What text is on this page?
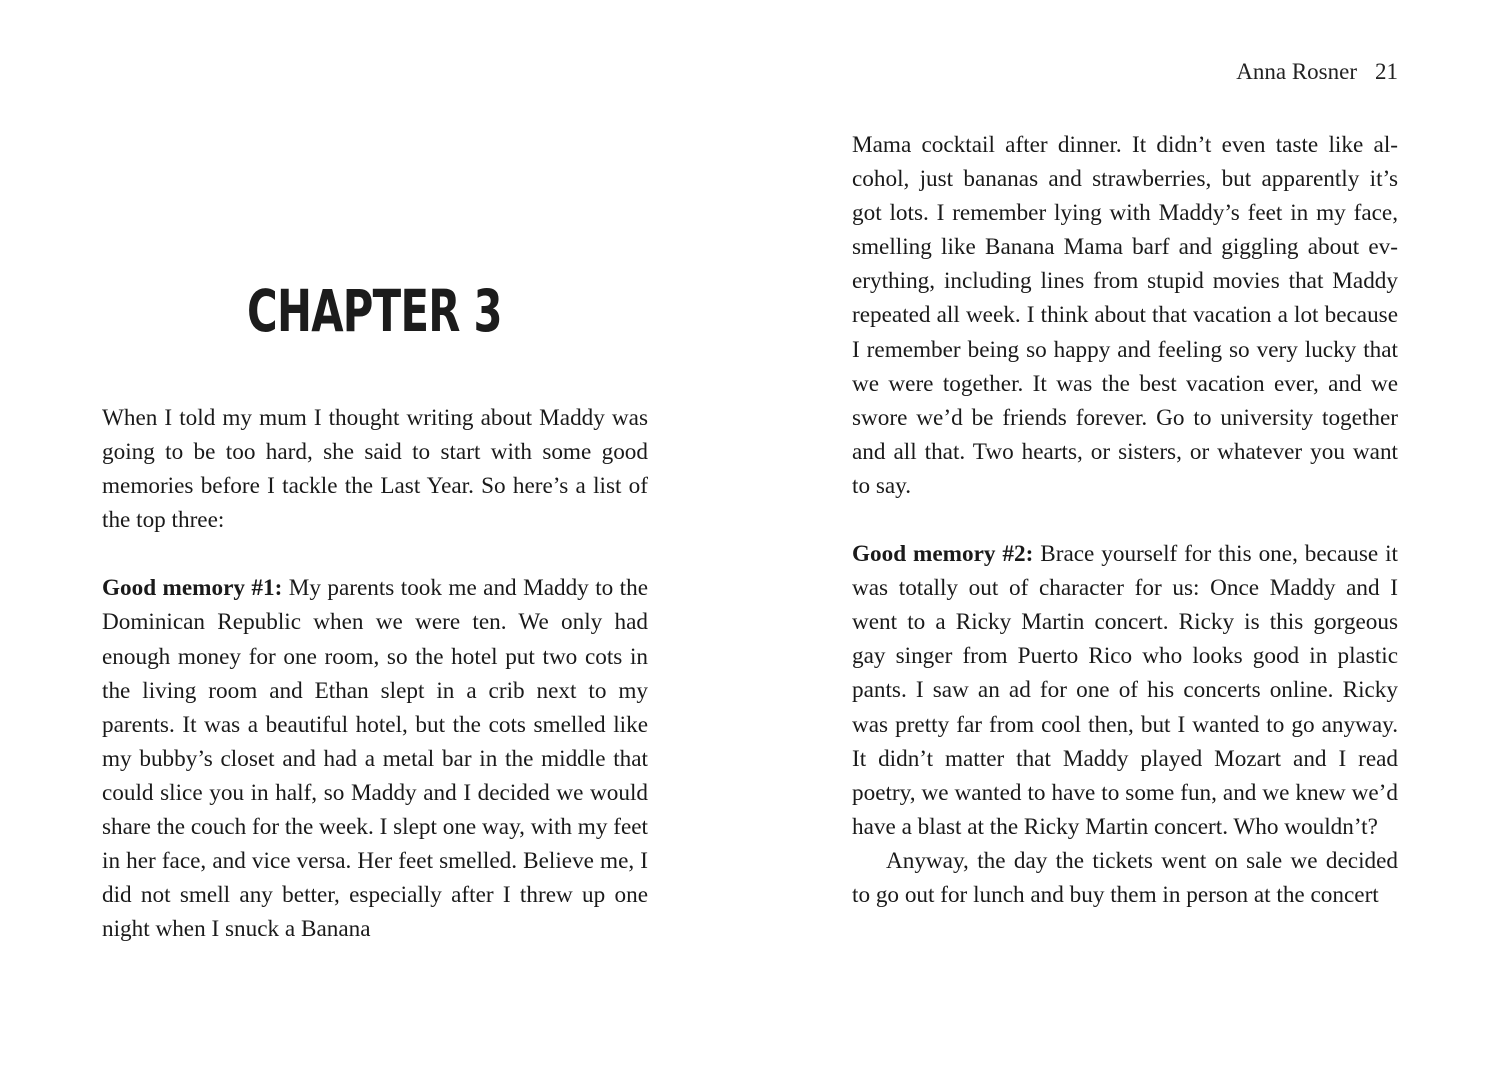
CHAPTER 3

When I told my mum I thought writing about Maddy was going to be too hard, she said to start with some good memories before I tackle the Last Year. So here’s a list of the top three:

Good memory #1: My parents took me and Maddy to the Dominican Republic when we were ten. We only had enough money for one room, so the hotel put two cots in the living room and Ethan slept in a crib next to my parents. It was a beautiful hotel, but the cots smelled like my bubby’s closet and had a metal bar in the middle that could slice you in half, so Maddy and I decided we would share the couch for the week. I slept one way, with my feet in her face, and vice versa. Her feet smelled. Believe me, I did not smell any better, especially after I threw up one night when I snuck a Banana

Anna Rosner 21

Mama cocktail after dinner. It didn’t even taste like alcohol, just bananas and strawberries, but apparently it’s got lots. I remember lying with Maddy’s feet in my face, smelling like Banana Mama barf and giggling about everything, including lines from stupid movies that Maddy repeated all week. I think about that vacation a lot because I remember being so happy and feeling so very lucky that we were together. It was the best vacation ever, and we swore we’d be friends forever. Go to university together and all that. Two hearts, or sisters, or whatever you want to say.

Good memory #2: Brace yourself for this one, because it was totally out of character for us: Once Maddy and I went to a Ricky Martin concert. Ricky is this gorgeous gay singer from Puerto Rico who looks good in plastic pants. I saw an ad for one of his concerts online. Ricky was pretty far from cool then, but I wanted to go anyway. It didn’t matter that Maddy played Mozart and I read poetry, we wanted to have to some fun, and we knew we’d have a blast at the Ricky Martin concert. Who wouldn’t?

Anyway, the day the tickets went on sale we decided to go out for lunch and buy them in person at the concert
